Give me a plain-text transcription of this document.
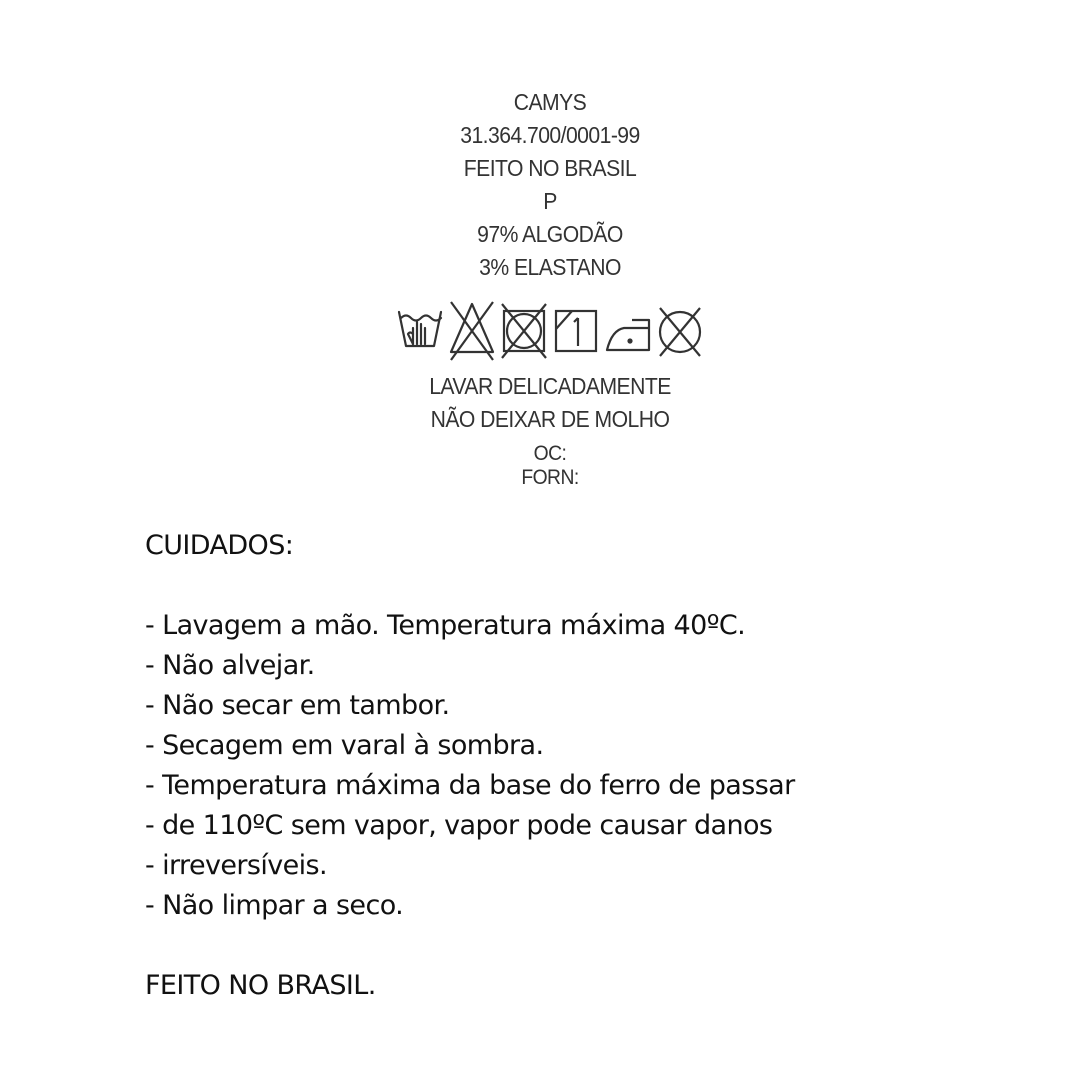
CAMYS
31.364.700/0001-99
FEITO NO BRASIL
P
97% ALGODÃO
3% ELASTANO
LAVAR DELICADAMENTE
NÃO DEIXAR DE MOLHO
OC:
FORN:
CUIDADOS:
- Lavagem a mão. Temperatura máxima 40ºC.
- Não alvejar.
- Não secar em tambor.
- Secagem em varal à sombra.
- Temperatura máxima da base do ferro de passar
- de 110ºC sem vapor, vapor pode causar danos
- irreversíveis.
- Não limpar a seco.
FEITO NO BRASIL.
